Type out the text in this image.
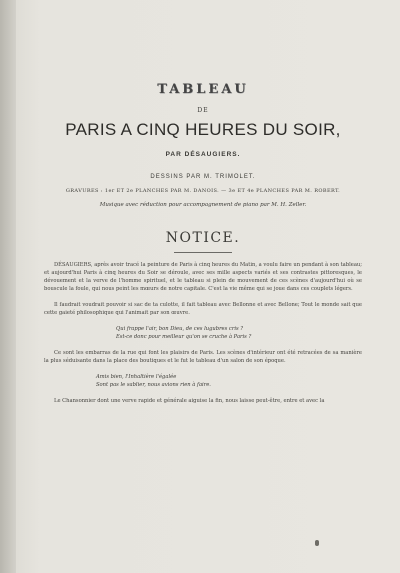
TABLEAU
DE
PARIS A CINQ HEURES DU SOIR,
PAR DÉSAUGIERS.
DESSINS PAR M. TRIMOLET.
GRAVURES : 1er ET 2e PLANCHES PAR M. DANOIS. — 3e ET 4e PLANCHES PAR M. ROBERT.
Musique avec réduction pour accompagnement de piano par M. H. Zeller.
NOTICE.
DÉSAUGIERS, après avoir tracé la peinture de Paris à cinq heures du Matin, a voulu faire un pendant à son tableau; et aujourd'hui Paris à cinq heures du Soir se déroule, avec ses mille aspects variés et ses contrastes pittoresques, le dévouement et la verve de l'homme spirituel, et le tableau si plein de mouvement de ces scènes d'aujourd'hui où se bouscule la foule, qui nous peint les mœurs de notre capitale. C'est la vie même qui se joue dans ces couplets légers.
Il faudrait voudrait pouvoir si sac de ta culotte, il fait tableau avec Bellonne et avec Bellone; Tout le monde sait que cette gaieté philosophique qui l'animait par son œuvre.
Qui frappe l'air, bon Dieu, de ces lugubres cris ?
Est-ce donc pour meilleur qu'on se cruche à Paris ?
Ce sont les embarras de la rue qui font les plaisirs de Paris. Les scènes d'intérieur ont été retracées de sa manière la plus séduisante dans la place des boutiques et le fut le tableau d'un salon de son époque.
Amis bien, l'Inhaltière l'égalée
Sont pas le sablier, nous avions rien à faire.
Le Chansonnier dont une verve rapide et générale aiguise la fin, nous laisse peut-être, entre et avec la
